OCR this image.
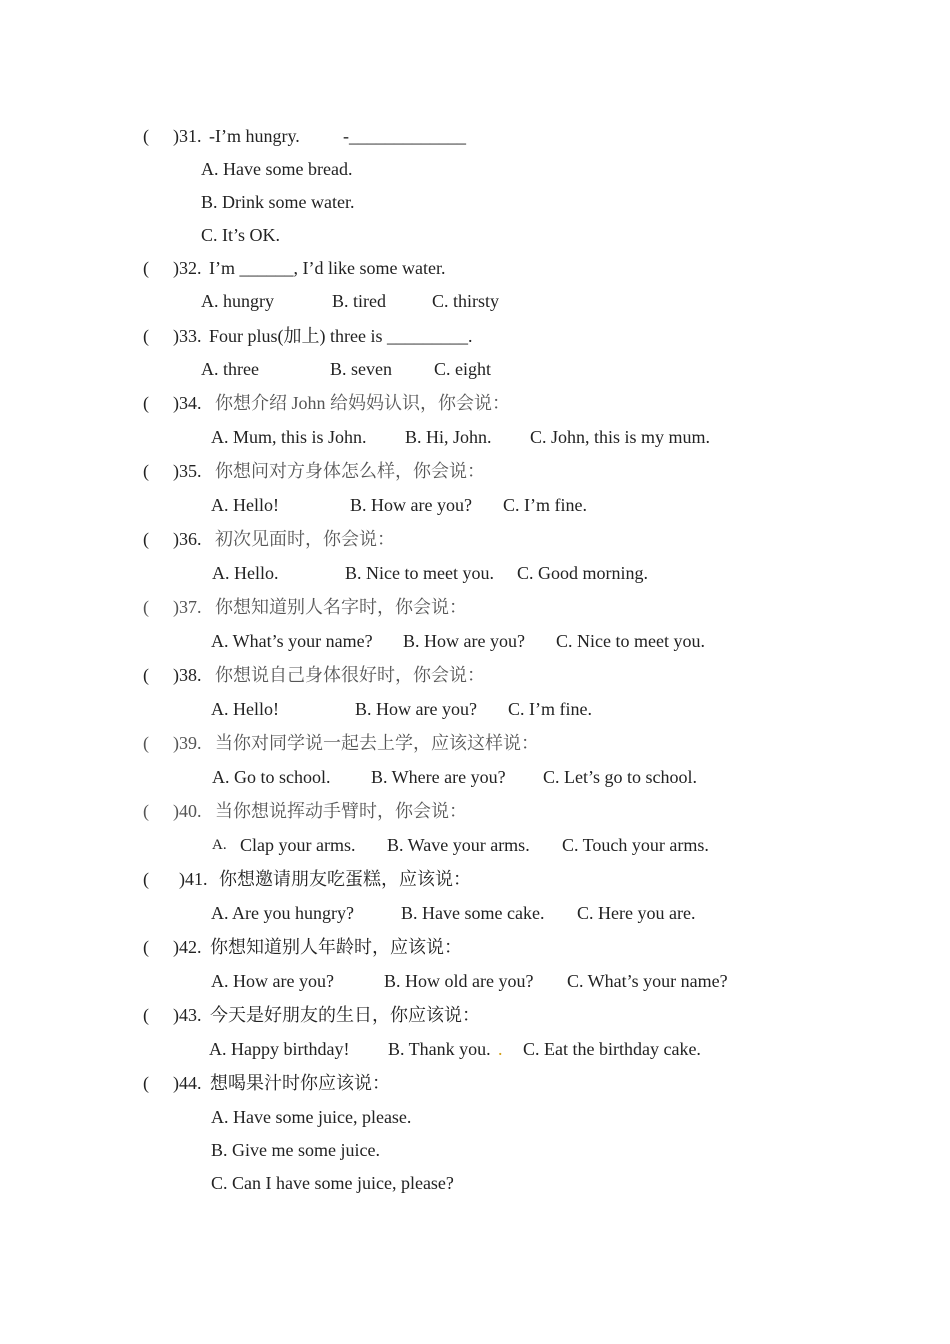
( )31. -I’m hungry. -_____________
A. Have some bread.
B. Drink some water.
C. It’s OK.
( )32. I’m ______, I’d like some water.
A. hungry	B. tired	C. thirsty
( )33. Four plus(加上) three is _________.
A. three	B. seven C. eight
( )34. 你想介绍 John 给妈妈认识，你会说：
A. Mum, this is John. B. Hi, John. C. John, this is my mum.
( )35. 你想问对方身体怎么样，你会说：
A. Hello!	B. How are you? C. I’m fine.
( )36. 初次见面时，你会说：
A. Hello.	B. Nice to meet you. C. Good morning.
( )37. 你想知道别人名字时，你会说：
A. What’s your name? B. How are you? C. Nice to meet you.
( )38. 你想说自己身体很好时，你会说：
A. Hello!	B. How are you? C. I’m fine.
( )39. 当你对同学说一起去上学，应该这样说：
A. Go to school. B. Where are you? C. Let’s go to school.
( )40. 当你想说挥动手臂时，你会说：
A. Clap your arms. B. Wave your arms. C. Touch your arms.
( )41. 你想邀请朋友吃蛋糕，应该说：
A. Are you hungry?	B. Have some cake. C. Here you are.
( )42. 你想知道别人年龄时，应该说：
A. How are you?	B. How old are you? C. What’s your name?
( )43. 今天是好朋友的生日，你应该说：
A. Happy birthday! B. Thank you. . C. Eat the birthday cake.
( )44. 想喝果汁时你应该说：
A. Have some juice, please.
B. Give me some juice.
C. Can I have some juice, please?
